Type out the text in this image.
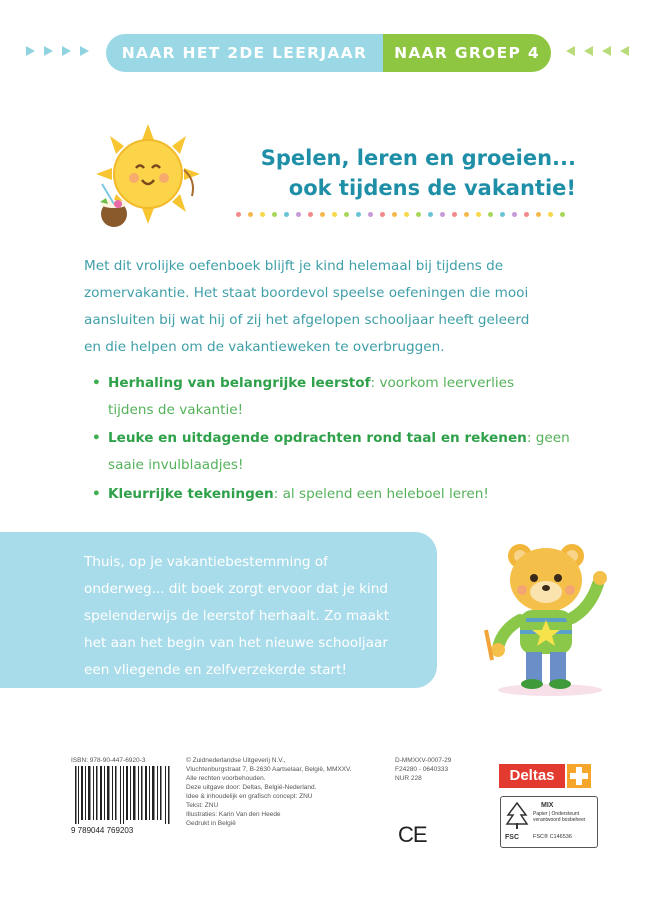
NAAR HET 2DE LEERJAAR	NAAR GROEP 4
Spelen, leren en groeien...
ook tijdens de vakantie!
Met dit vrolijke oefenboek blijft je kind helemaal bij tijdens de
zomervakantie. Het staat boordevol speelse oefeningen die mooi
aansluiten bij wat hij of zij het afgelopen schooljaar heeft geleerd
en die helpen om de vakantieweken te overbruggen.
• Herhaling van belangrijke leerstof: voorkom leerverlies
tijdens de vakantie!
• Leuke en uitdagende opdrachten rond taal en rekenen: geen
saaie invulblaadjes!
• Kleurrijke tekeningen: al spelend een heleboel leren!
Thuis, op je vakantiebestemming of
onderweg... dit boek zorgt ervoor dat je kind
spelenderwijs de leerstof herhaalt. Zo maakt
het aan het begin van het nieuwe schooljaar
een vliegende en zelfverzekerde start!
ISBN: 978-90-447-6920-3
9 789044 769203
© Zuidnederlandse Uitgeverij N.V.,
Vluchtenburgstraat 7, B-2630 Aartselaar, België, MMXXV.
Alle rechten voorbehouden.
Deze uitgave door: Deltas, België-Nederland.
Idee & inhoudelijk en grafisch concept: ZNU
Tekst: ZNU
Illustraties: Karin Van den Heede
Gedrukt in België
D-MMXXV-0007-29
F24280 - 0640333
NUR 228
CE
Deltas
FSC
MIX
Papier | Ondersteunt
verantwoord bosbeheer
FSC® C146536
